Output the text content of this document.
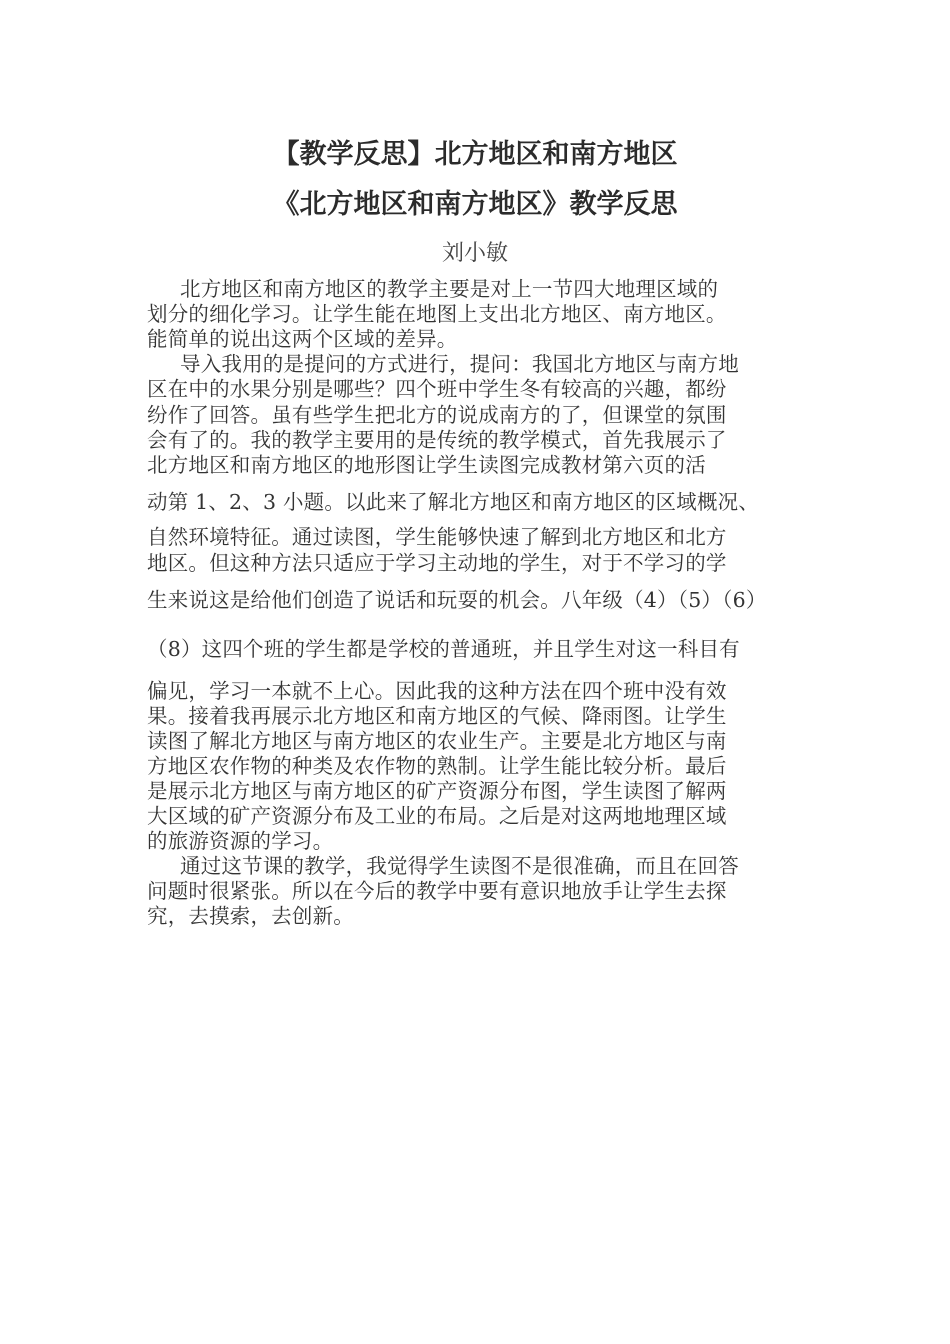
【教学反思】北方地区和南方地区
《北方地区和南方地区》教学反思
刘小敏
北方地区和南方地区的教学主要是对上一节四大地理区域的
划分的细化学习。让学生能在地图上支出北方地区、南方地区。
能简单的说出这两个区域的差异。
导入我用的是提问的方式进行，提问：我国北方地区与南方地
区在中的水果分别是哪些？四个班中学生冬有较高的兴趣，都纷
纷作了回答。虽有些学生把北方的说成南方的了，但课堂的氛围
会有了的。我的教学主要用的是传统的教学模式，首先我展示了
北方地区和南方地区的地形图让学生读图完成教材第六页的活
动第 1、2、3 小题。以此来了解北方地区和南方地区的区域概况、
自然环境特征。通过读图，学生能够快速了解到北方地区和北方
地区。但这种方法只适应于学习主动地的学生，对于不学习的学
生来说这是给他们创造了说话和玩耍的机会。八年级（4）（5）（6）
（8）这四个班的学生都是学校的普通班，并且学生对这一科目有
偏见，学习一本就不上心。因此我的这种方法在四个班中没有效
果。接着我再展示北方地区和南方地区的气候、降雨图。让学生
读图了解北方地区与南方地区的农业生产。主要是北方地区与南
方地区农作物的种类及农作物的熟制。让学生能比较分析。最后
是展示北方地区与南方地区的矿产资源分布图，学生读图了解两
大区域的矿产资源分布及工业的布局。之后是对这两地地理区域
的旅游资源的学习。
通过这节课的教学，我觉得学生读图不是很准确，而且在回答
问题时很紧张。所以在今后的教学中要有意识地放手让学生去探
究，去摸索，去创新。
